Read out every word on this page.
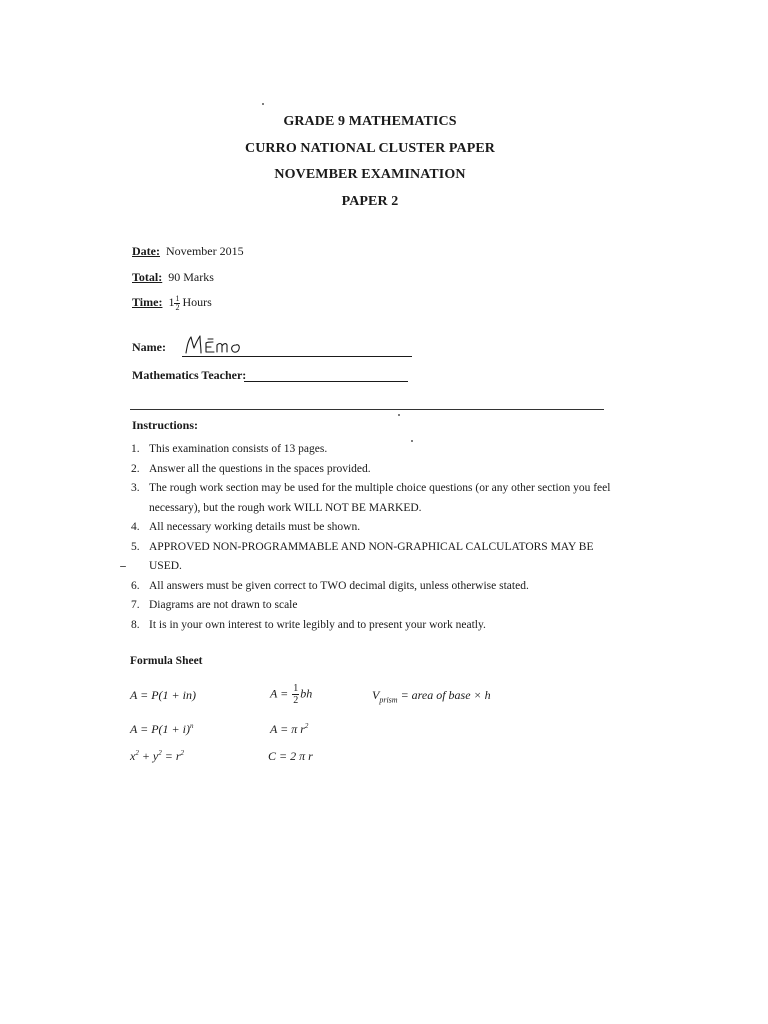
GRADE 9 MATHEMATICS
CURRO NATIONAL CLUSTER PAPER
NOVEMBER EXAMINATION
PAPER 2
Date: November 2015
Total: 90 Marks
Time: $1 \frac{1}{2}$ Hours
Name:
Mathematics Teacher:
Instructions:
1. This examination consists of 13 pages.
2. Answer all the questions in the spaces provided.
3. The rough work section may be used for the multiple choice questions (or any other section you feel necessary), but the rough work WILL NOT BE MARKED.
4. All necessary working details must be shown.
5. APPROVED NON-PROGRAMMABLE AND NON-GRAPHICAL CALCULATORS MAY BE USED.
6. All answers must be given correct to TWO decimal digits, unless otherwise stated.
7. Diagrams are not drawn to scale
8. It is in your own interest to write legibly and to present your work neatly.
Formula Sheet
A = P(1 + in)
$A = P(1 + i)^n$
$x^2 + y^2 = r^2$
$A = \frac{1}{2}$ bh
A = π $r^2$
C = 2 π r
$V_{prism}$ = area of base × h
